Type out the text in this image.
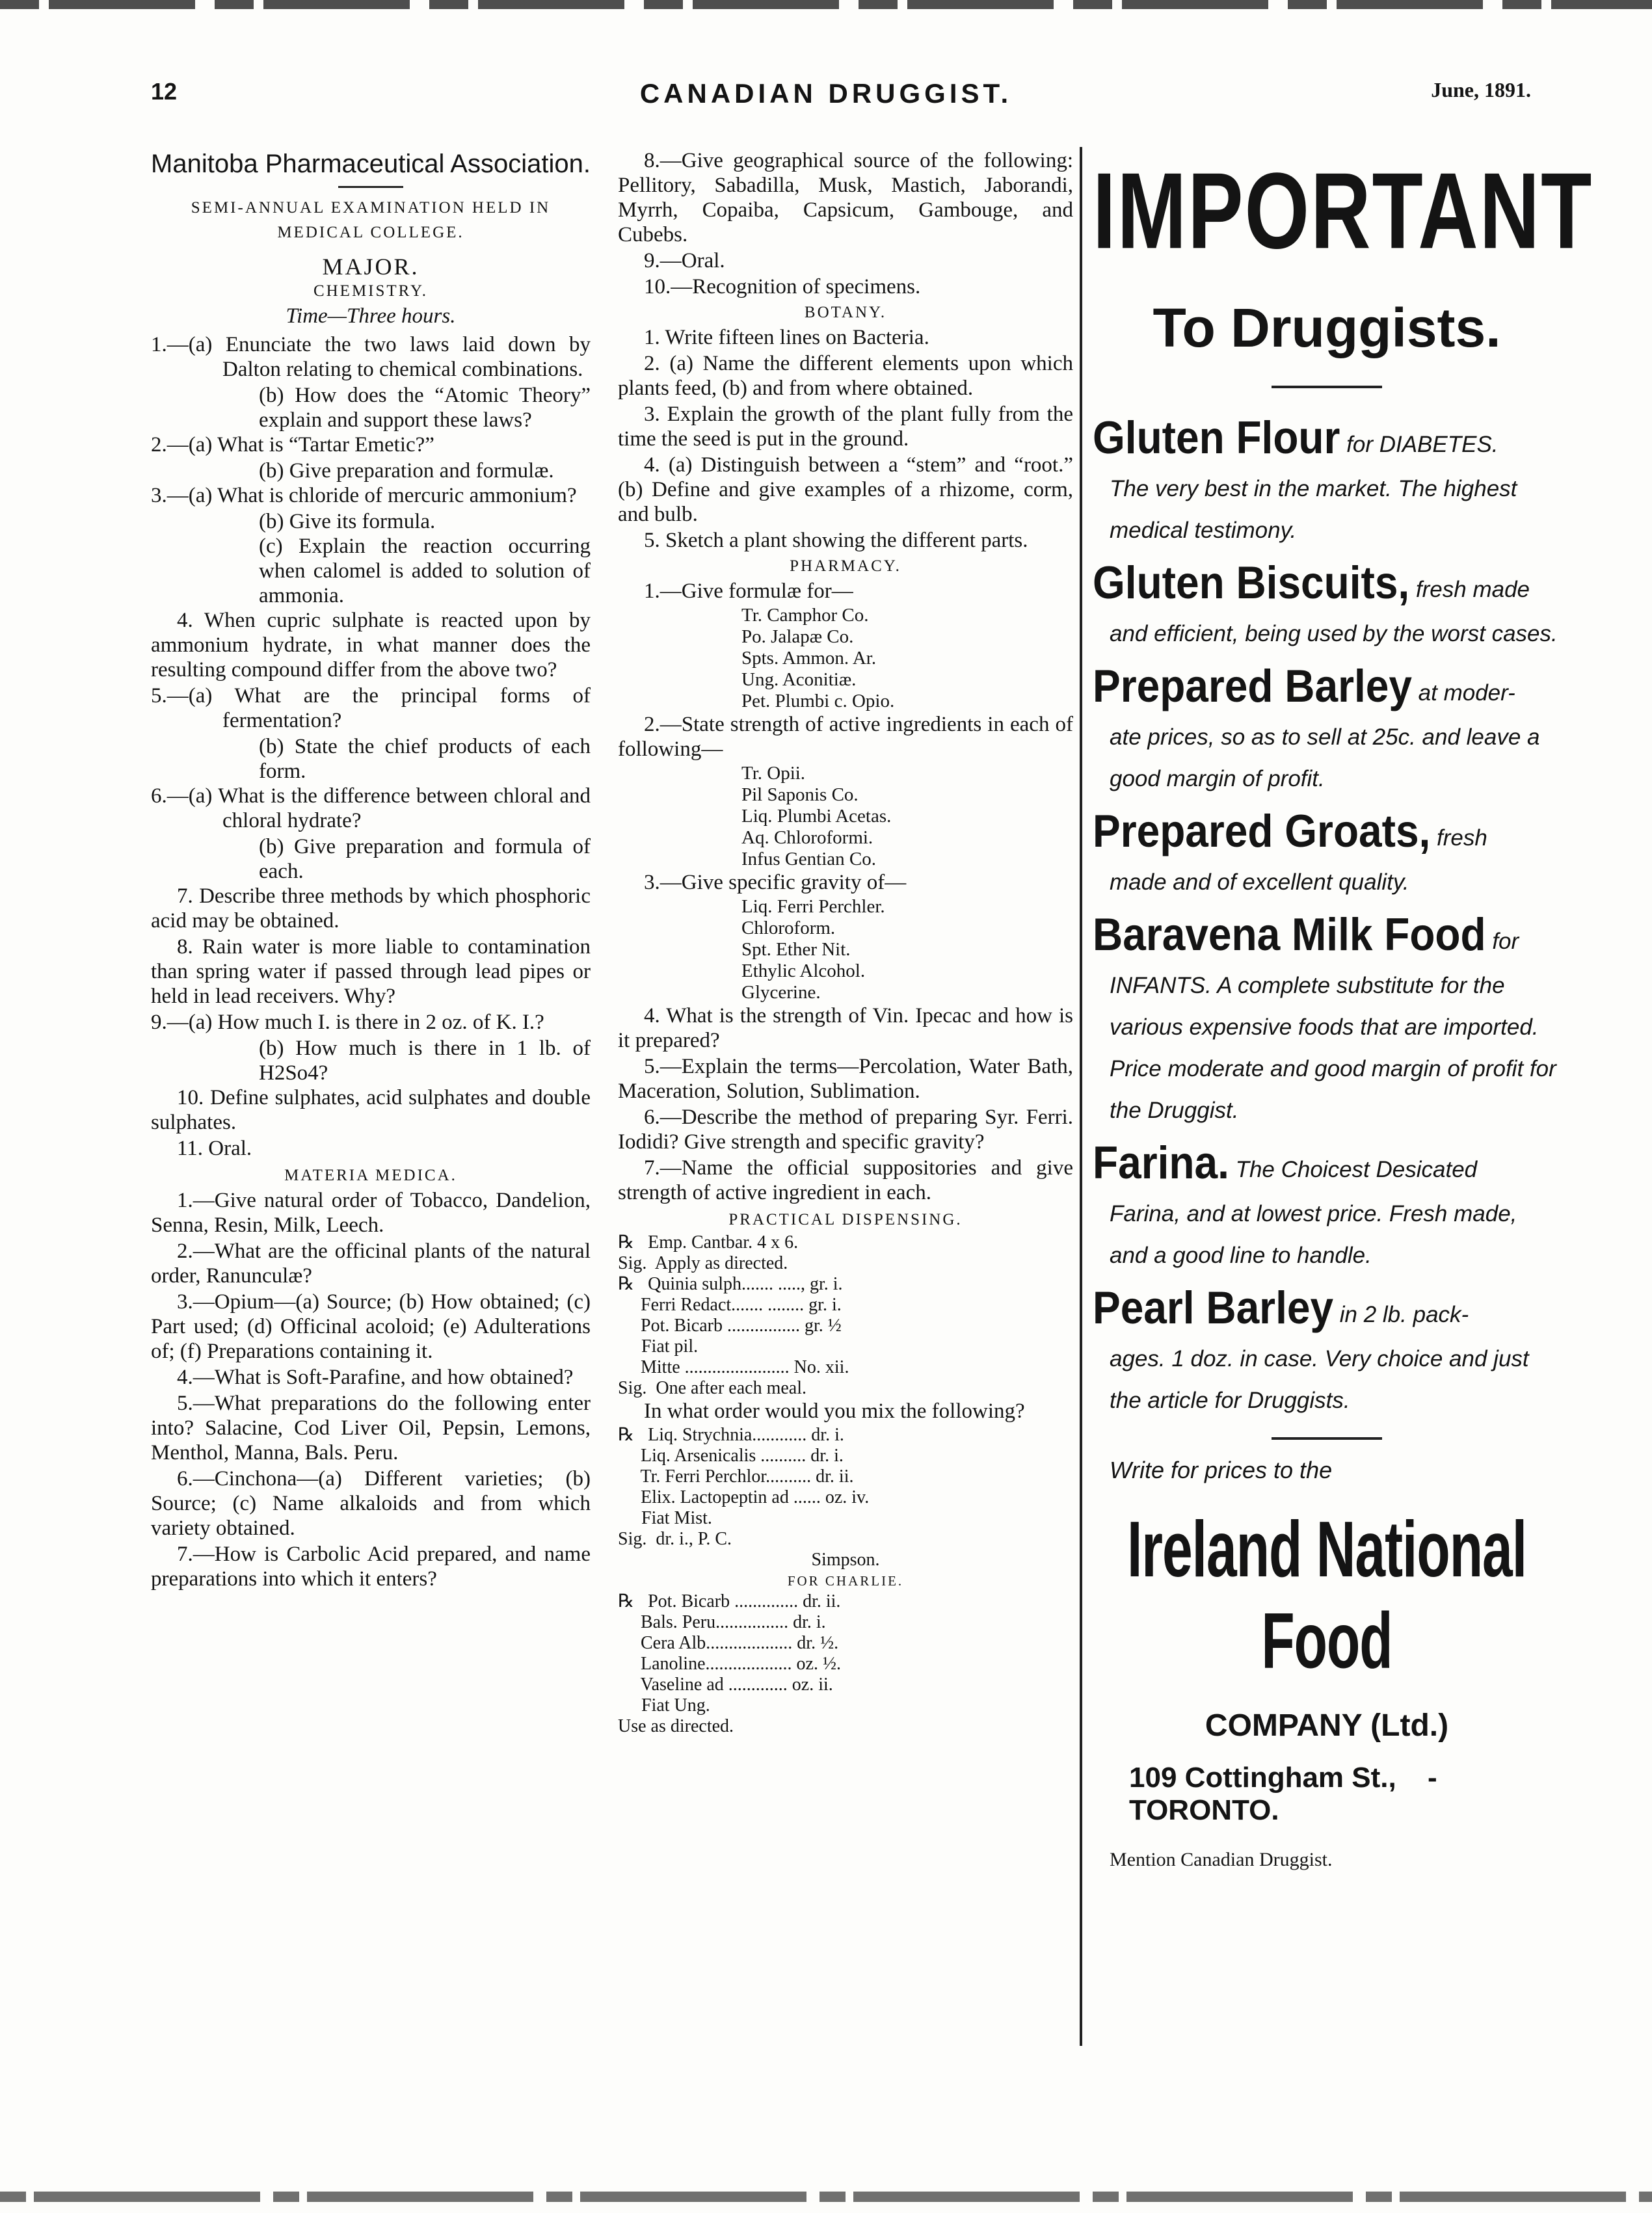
12	CANADIAN DRUGGIST.	June, 1891.
Manitoba Pharmaceutical Association.
SEMI-ANNUAL EXAMINATION HELD IN MEDICAL COLLEGE.
MAJOR.
CHEMISTRY.
Time—Three hours.

1.—(a) Enunciate the two laws laid down by Dalton relating to chemical combinations.

(b) How does the “Atomic Theory” explain and support these laws?

2.—(a) What is “Tartar Emetic?”

(b) Give preparation and formulæ.

3.—(a) What is chloride of mercuric ammonium?

(b) Give its formula.

(c) Explain the reaction occurring when calomel is added to solution of ammonia.

4. When cupric sulphate is reacted upon by ammonium hydrate, in what manner does the resulting compound differ from the above two?

5.—(a) What are the principal forms of fermentation?

(b) State the chief products of each form.

6.—(a) What is the difference between chloral and chloral hydrate?

(b) Give preparation and formula of each.

7. Describe three methods by which phosphoric acid may be obtained.

8. Rain water is more liable to contamination than spring water if passed through lead pipes or held in lead receivers. Why?

9.—(a) How much I. is there in 2 oz. of K. I.?

(b) How much is there in 1 lb. of H2So4?

10. Define sulphates, acid sulphates and double sulphates.

11. Oral.

MATERIA MEDICA.

1.—Give natural order of Tobacco, Dandelion, Senna, Resin, Milk, Leech.

2.—What are the officinal plants of the natural order, Ranunculæ?

3.—Opium—(a) Source; (b) How obtained; (c) Part used; (d) Officinal acoloid; (e) Adulterations of; (f) Preparations containing it.

4.—What is Soft-Parafine, and how obtained?

5.—What preparations do the following enter into? Salacine, Cod Liver Oil, Pepsin, Lemons, Menthol, Manna, Bals. Peru.

6.—Cinchona—(a) Different varieties; (b) Source; (c) Name alkaloids and from which variety obtained.

7.—How is Carbolic Acid prepared, and name preparations into which it enters?

8.—Give geographical source of the following: Pellitory, Sabadilla, Musk, Mastich, Jaborandi, Myrrh, Copaiba, Capsicum, Gambouge, and Cubebs.

9.—Oral.

10.—Recognition of specimens.

BOTANY.

1. Write fifteen lines on Bacteria.

2. (a) Name the different elements upon which plants feed, (b) and from where obtained.

3. Explain the growth of the plant fully from the time the seed is put in the ground.

4. (a) Distinguish between a “stem” and “root.” (b) Define and give examples of a rhizome, corm, and bulb.

5. Sketch a plant showing the different parts.

PHARMACY.

1.—Give formulæ for—

Tr. Camphor Co.
Po. Jalapæ Co.
Spts. Ammon. Ar.
Ung. Aconitiæ.
Pet. Plumbi c. Opio.

2.—State strength of active ingredients in each of following—

Tr. Opii.
Pil Saponis Co.
Liq. Plumbi Acetas.
Aq. Chloroformi.
Infus Gentian Co.

3.—Give specific gravity of—

Liq. Ferri Perchler.
Chloroform.
Spt. Ether Nit.
Ethylic Alcohol.
Glycerine.

4. What is the strength of Vin. Ipecac and how is it prepared?

5.—Explain the terms—Percolation, Water Bath, Maceration, Solution, Sublimation.

6.—Describe the method of preparing Syr. Ferri. Iodidi? Give strength and specific gravity?

7.—Name the official suppositories and give strength of active ingredient in each.

PRACTICAL DISPENSING.
℞   Emp. Cantbar. 4 x 6.
Sig.  Apply as directed.
℞   Quinia sulph....... ....., gr. i.
Ferri Redact....... ........ gr. i.
Pot. Bicarb ................ gr. ½
Fiat pil.
Mitte ....................... No. xii.
Sig.  One after each meal.

In what order would you mix the following?

℞   Liq. Strychnia............ dr. i.
Liq. Arsenicalis .......... dr. i.
Tr. Ferri Perchlor.......... dr. ii.
Elix. Lactopeptin ad ...... oz. iv.
Fiat Mist.
Sig.  dr. i., P. C.
Simpson.
FOR CHARLIE.
℞   Pot. Bicarb .............. dr. ii.
Bals. Peru................ dr. i.
Cera Alb................... dr. ½.
Lanoline................... oz. ½.
Vaseline ad ............. oz. ii.
Fiat Ung.
Use as directed.
IMPORTANT
To Druggists.
Gluten Flour for DIABETES.
The very best in the market. The highest medical testimony.
Gluten Biscuits, fresh made
and efficient, being used by the worst cases.
Prepared Barley at moder-
ate prices, so as to sell at 25c. and leave a good margin of profit.
Prepared Groats, fresh
made and of excellent quality.
Baravena Milk Food for
INFANTS. A complete substitute for the various expensive foods that are imported. Price moderate and good margin of profit for the Druggist.
Farina. The Choicest Desicated
Farina, and at lowest price. Fresh made, and a good line to handle.
Pearl Barley in 2 lb. pack-
ages. 1 doz. in case. Very choice and just the article for Druggists.
Write for prices to the
Ireland National Food
COMPANY (Ltd.)
109 Cottingham St., - TORONTO.
Mention Canadian Druggist.
